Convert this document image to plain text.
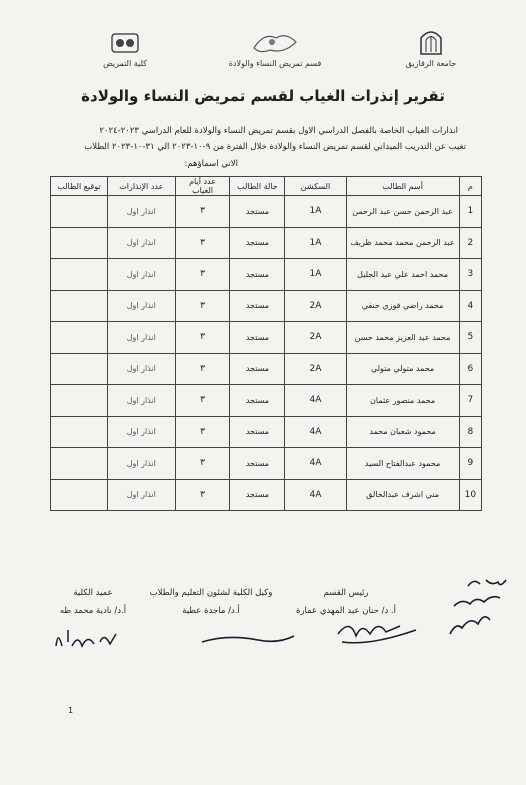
جامعة الزقازيق
قسم تمريض النساء والولادة
كلية التمريض
تقرير إنذرات الغياب لقسم تمريض النساء والولادة
انذارات الغياب الخاصة بالفصل الدراسي الاول بقسم تمريض النساء والولادة للعام الدراسي ٢٠٢٣-٢٠٢٤
تغيب عن التدريب الميداني لقسم تمريض النساء والولادة خلال الفترة من ٩-١٠-٢٠٢٣ الي ٣١-١٠-٢٠٢٣ الطلاب
الاتي اسماؤهم:
م	أسم الطالب	السكشن	حالة الطالب	عدد أيام الغياب	عدد الإنذارات	توقيع الطالب
1	عبد الرحمن حسن عبد الرحمن	1A	مستجد	٣	انذار اول	
2	عبد الرحمن محمد محمد ظريف	1A	مستجد	٣	انذار اول	
3	محمد احمد علي عبد الجليل	1A	مستجد	٣	انذار اول	
4	محمد راضي فوزي حنفي	2A	مستجد	٣	انذار اول	
5	محمد عبد العزيز محمد حسن	2A	مستجد	٣	انذار اول	
6	محمد متولي متولي	2A	مستجد	٣	انذار اول	
7	محمد منصور عثمان	4A	مستجد	٣	انذار اول	
8	محمود شعبان محمد	4A	مستجد	٣	انذار اول	
9	محمود عبدالفتاح السيد	4A	مستجد	٣	انذار اول	
10	مني اشرف عبدالخالق	4A	مستجد	٣	انذار اول	
رئيس القسم
أ. د/ حنان عبد المهدي عمارة
وكيل الكلية لشئون التعليم والطلاب
أ.د/ ماجدة عطية
عميد الكلية
أ.د/ نادية محمد طه
1
